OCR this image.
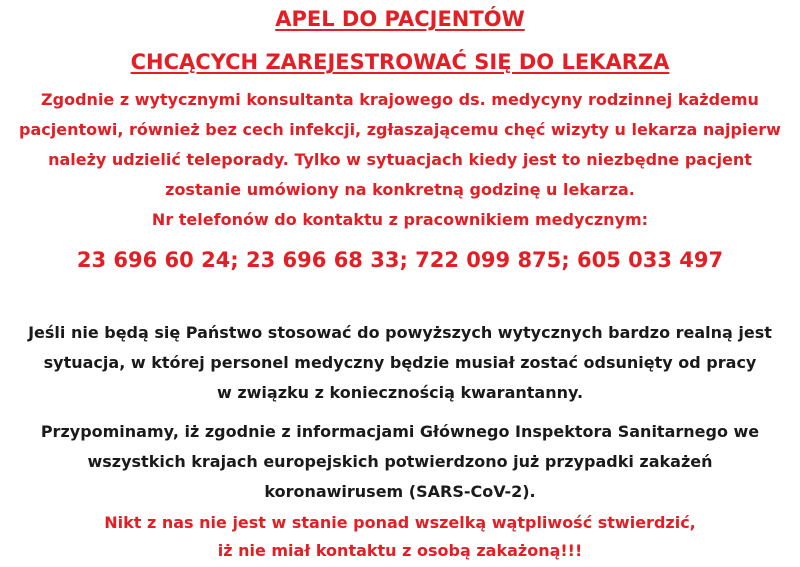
APEL DO PACJENTÓW
CHCĄCYCH ZAREJESTROWAĆ SIĘ DO LEKARZA
Zgodnie z wytycznymi konsultanta krajowego ds. medycyny rodzinnej każdemu
pacjentowi, również bez cech infekcji, zgłaszającemu chęć wizyty u lekarza najpierw
należy udzielić teleporady. Tylko w sytuacjach kiedy jest to niezbędne pacjent
zostanie umówiony na konkretną godzinę u lekarza.
Nr telefonów do kontaktu z pracownikiem medycznym:
23 696 60 24; 23 696 68 33; 722 099 875; 605 033 497
Jeśli nie będą się Państwo stosować do powyższych wytycznych bardzo realną jest
sytuacja, w której personel medyczny będzie musiał zostać odsunięty od pracy
w związku z koniecznością kwarantanny.
Przypominamy, iż zgodnie z informacjami Głównego Inspektora Sanitarnego we
wszystkich krajach europejskich potwierdzono już przypadki zakażeń
koronawirusem (SARS-CoV-2).
Nikt z nas nie jest w stanie ponad wszelką wątpliwość stwierdzić,
iż nie miał kontaktu z osobą zakażoną!!!
